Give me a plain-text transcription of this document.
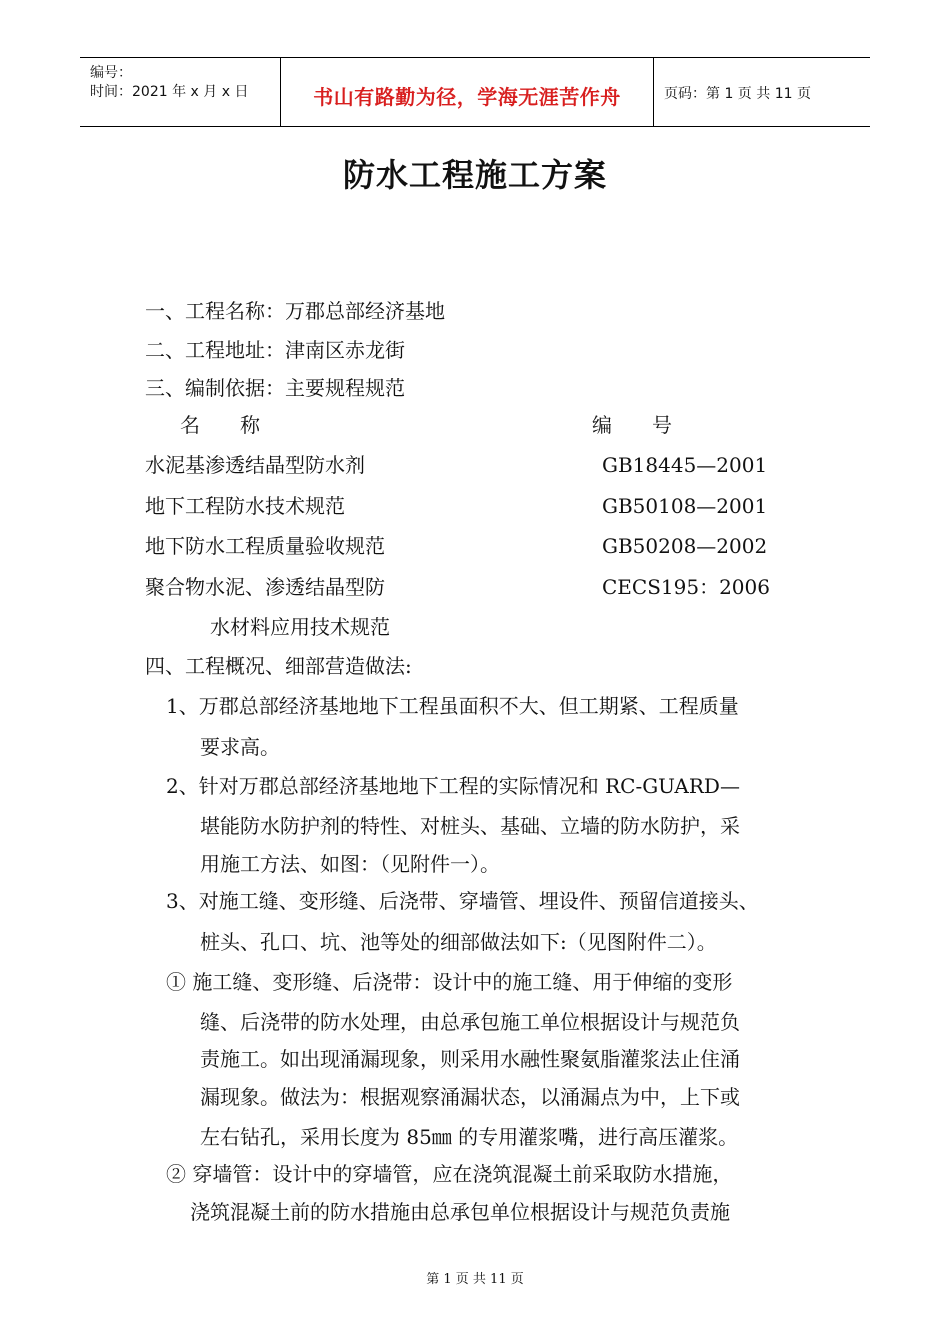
编号：
时间：2021 年 x 月 x 日	书山有路勤为径，学海无涯苦作舟	页码：第 1 页 共 11 页
防水工程施工方案
一、工程名称：万郡总部经济基地
二、工程地址：津南区赤龙街
三、编制依据：主要规程规范
名　　称	编　　号
水泥基渗透结晶型防水剂	GB18445—2001
地下工程防水技术规范	GB50108—2001
地下防水工程质量验收规范	GB50208—2002
聚合物水泥、渗透结晶型防	CECS195：2006
水材料应用技术规范
四、工程概况、细部营造做法:
1、万郡总部经济基地地下工程虽面积不大、但工期紧、工程质量
要求高。
2、针对万郡总部经济基地地下工程的实际情况和 RC-GUARD—
堪能防水防护剂的特性、对桩头、基础、立墙的防水防护，采
用施工方法、如图：（见附件一）。
3、对施工缝、变形缝、后浇带、穿墙管、埋设件、预留信道接头、
桩头、孔口、坑、池等处的细部做法如下:（见图附件二）。
① 施工缝、变形缝、后浇带：设计中的施工缝、用于伸缩的变形
缝、后浇带的防水处理，由总承包施工单位根据设计与规范负
责施工。如出现涌漏现象，则采用水融性聚氨脂灌浆法止住涌
漏现象。做法为：根据观察涌漏状态，以涌漏点为中，上下或
左右钻孔，采用长度为 85㎜ 的专用灌浆嘴，进行高压灌浆。
② 穿墙管：设计中的穿墙管，应在浇筑混凝土前采取防水措施，
浇筑混凝土前的防水措施由总承包单位根据设计与规范负责施
第 1 页 共 11 页
